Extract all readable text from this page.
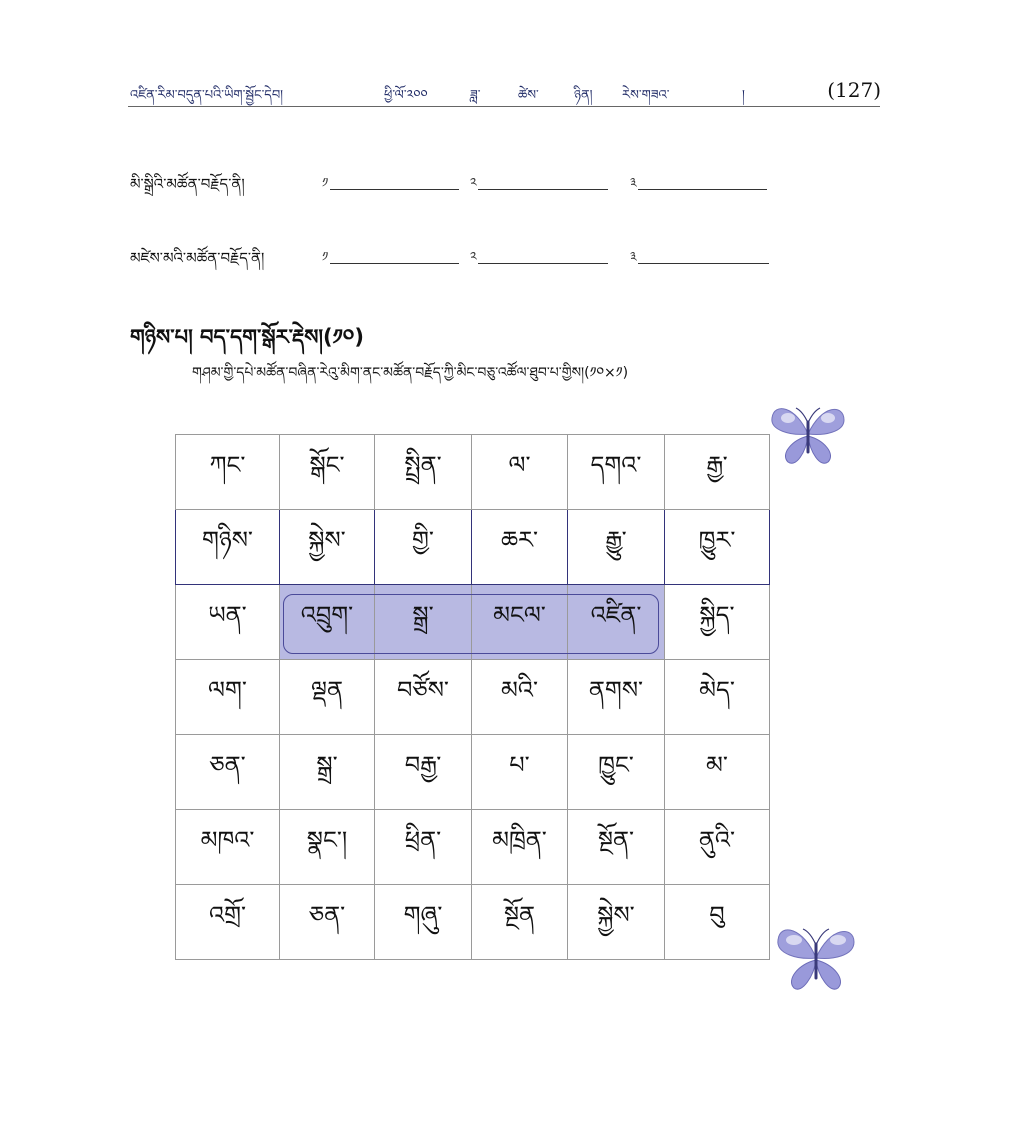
འཛིན་རིམ་བདུན་པའི་ཡིག་སྦྱོང་དེབ།	ཕྱི་ལོ་༢༠༠	ཟླ་	ཚེས་	ཉིན། རེས་གཟའ་	།	(127)
མི་སྒྲིའི་མཚོན་བརྗོད་ནི།	༡	༢	༣
མཛེས་མའི་མཚོན་བརྗོད་ནི།	༡	༢	༣
གཉིས་པ། བད་དག་སྒོར་རྡེས།(༡༠)
གཤམ་གྱི་དཔེ་མཚོན་བཞིན་རེའུ་མིག་ནང་མཚོན་བརྗོད་ཀྱི་མིང་བཅུ་འཚོལ་ཐུབ་པ་གྱིས།(༡༠×༡)
ཀང་	སྒོང་	སྤྲིན་	ལ་	དགའ་	རྒྱ་
གཉིས་	སྐྱེས་	གྱི་	ཆར་	རྒྱུ་	ཁྱུར་
ཡན་	འབྲུག་	སྒྲ་	མངལ་	འཛིན་	སྐྱིད་
ལག་	ལྡན	བཙོས་	མའི་	ནགས་	མེད་
ཅན་	སྒྲ་	བརྒྱ་	པ་	ཁྱུང་	མ་
མཁའ་	སྣང་།	ཕྲིན་	མཁྲིན་	སྔོན་	ནུའི་
འགྲོ་	ཅན་	གཞུ་	སྔོན	སྐྱེས་	བུ
